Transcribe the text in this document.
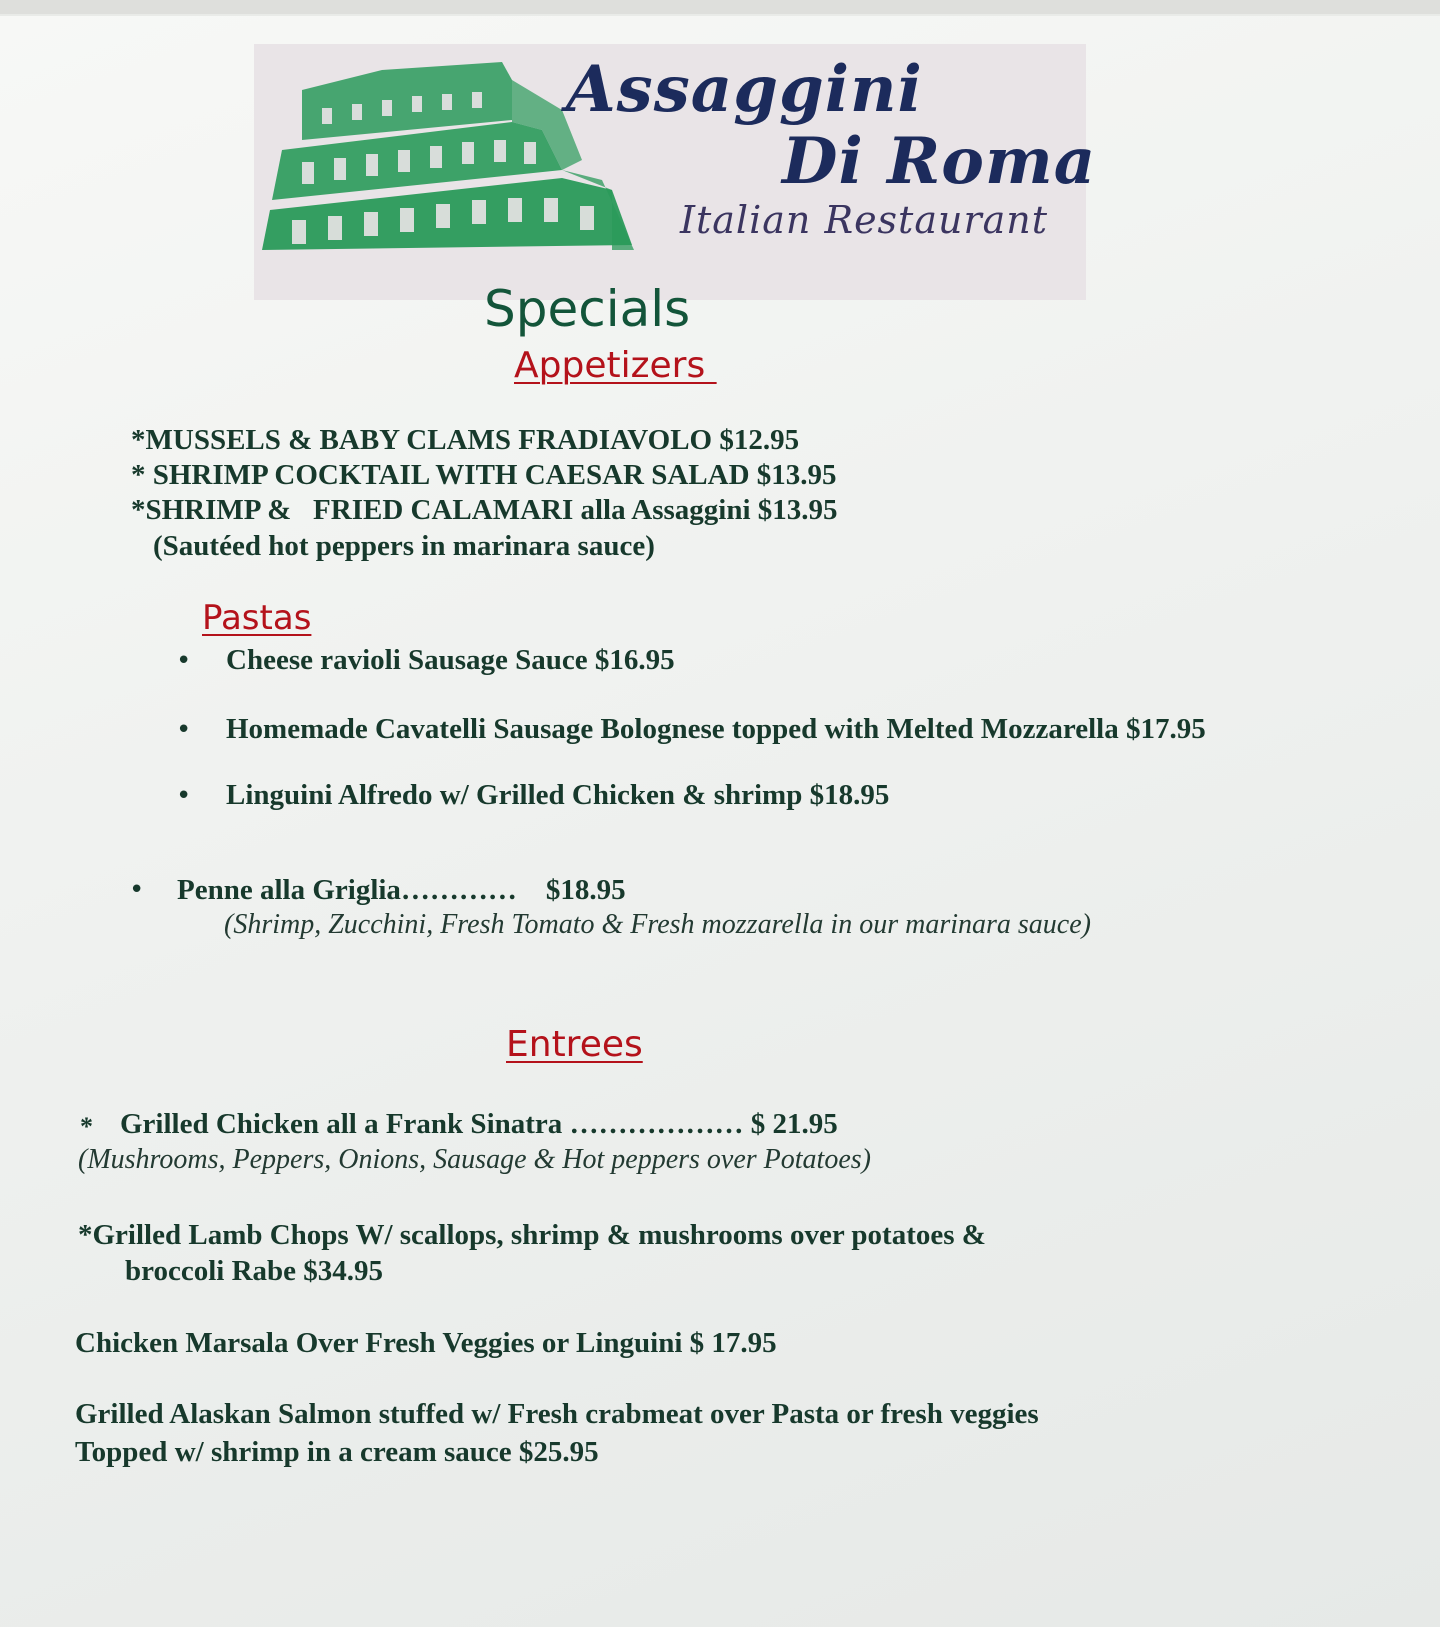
Assaggini
Di Roma
Italian Restaurant
Specials
Appetizers
*MUSSELS & BABY CLAMS FRADIAVOLO $12.95
* SHRIMP COCKTAIL WITH CAESAR SALAD $13.95
*SHRIMP &   FRIED CALAMARI alla Assaggini $13.95
(Sautéed hot peppers in marinara sauce)
Pastas
• Cheese ravioli Sausage Sauce $16.95
• Homemade Cavatelli Sausage Bolognese topped with Melted Mozzarella $17.95
• Linguini Alfredo w/ Grilled Chicken & shrimp $18.95
• Penne alla Griglia…………    $18.95
(Shrimp, Zucchini, Fresh Tomato & Fresh mozzarella in our marinara sauce)
Entrees
* Grilled Chicken all a Frank Sinatra ……………… $ 21.95
(Mushrooms, Peppers, Onions, Sausage & Hot peppers over Potatoes)
*Grilled Lamb Chops W/ scallops, shrimp & mushrooms over potatoes &
broccoli Rabe $34.95
Chicken Marsala Over Fresh Veggies or Linguini $ 17.95
Grilled Alaskan Salmon stuffed w/ Fresh crabmeat over Pasta or fresh veggies
Topped w/ shrimp in a cream sauce $25.95
